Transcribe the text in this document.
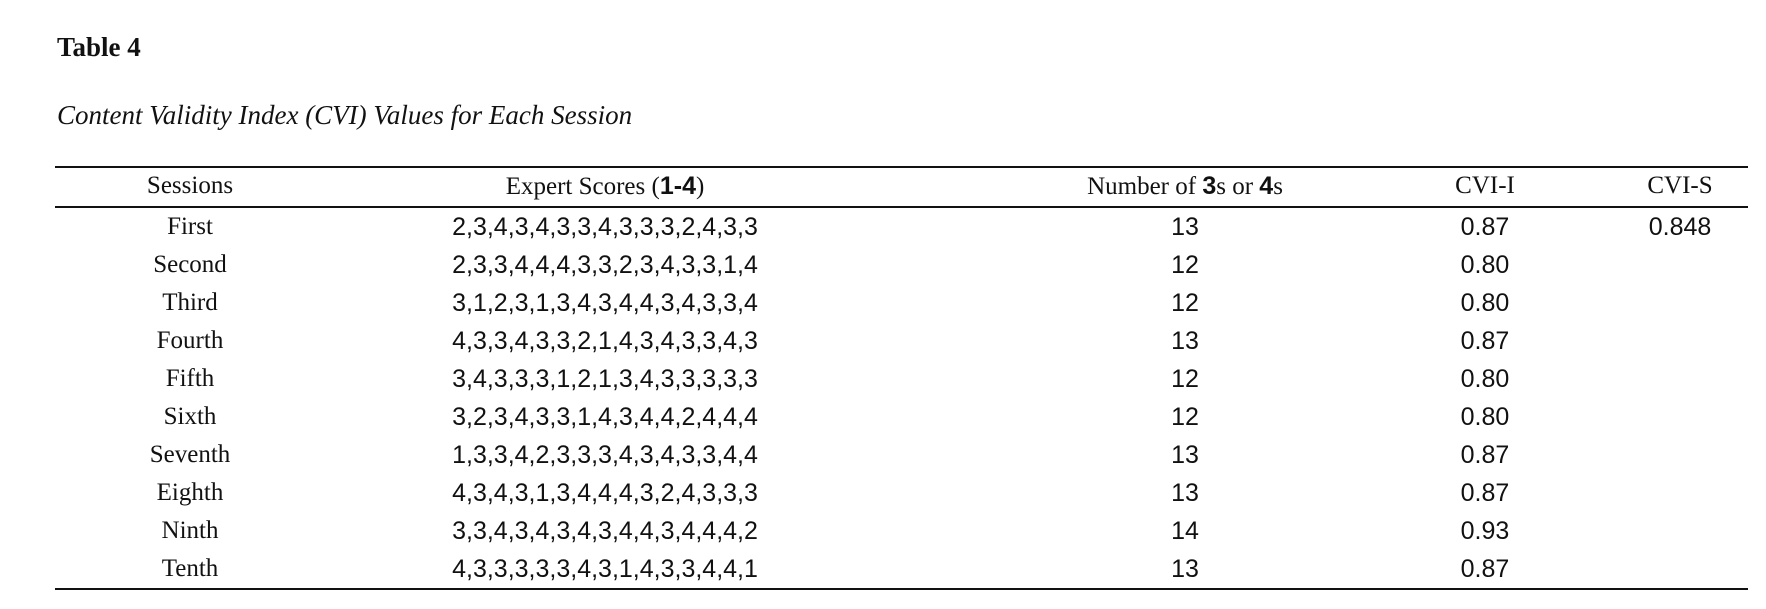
Table 4
Content Validity Index (CVI) Values for Each Session
Sessions	Expert Scores (1-4)	Number of 3s or 4s	CVI-I	CVI-S
First	2,3,4,3,4,3,3,4,3,3,3,2,4,3,3	13	0.87	0.848
Second	2,3,3,4,4,4,3,3,2,3,4,3,3,1,4	12	0.80
Third	3,1,2,3,1,3,4,3,4,4,3,4,3,3,4	12	0.80
Fourth	4,3,3,4,3,3,2,1,4,3,4,3,3,4,3	13	0.87
Fifth	3,4,3,3,3,1,2,1,3,4,3,3,3,3,3	12	0.80
Sixth	3,2,3,4,3,3,1,4,3,4,4,2,4,4,4	12	0.80
Seventh	1,3,3,4,2,3,3,3,4,3,4,3,3,4,4	13	0.87
Eighth	4,3,4,3,1,3,4,4,4,3,2,4,3,3,3	13	0.87
Ninth	3,3,4,3,4,3,4,3,4,4,3,4,4,4,2	14	0.93
Tenth	4,3,3,3,3,3,4,3,1,4,3,3,4,4,1	13	0.87
